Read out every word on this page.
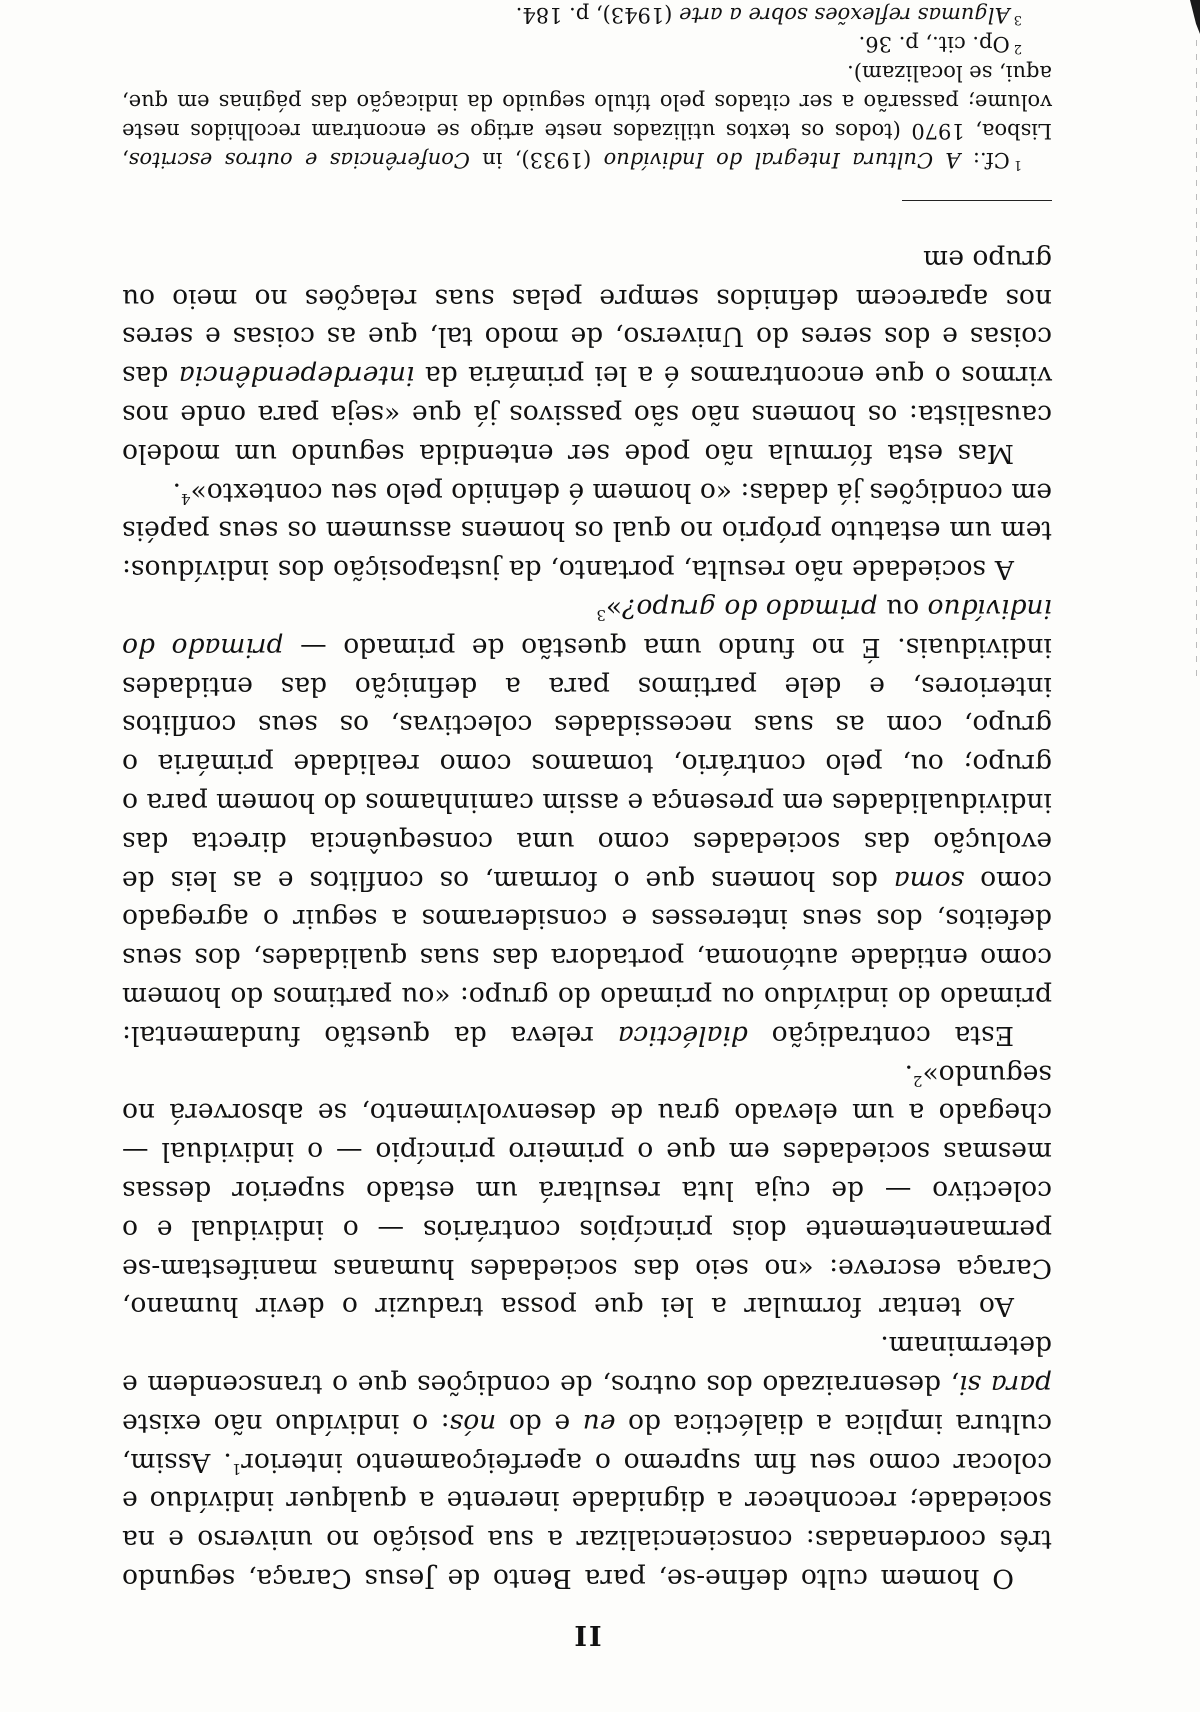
II

O homem culto define-se, para Bento de Jesus Caraça, segundo três coordenadas: consciencializar a sua posição no universo e na sociedade; reconhecer a dignidade inerente a qualquer indivíduo e colocar como seu fim supremo o aperfeiçoamento interior$^1$. Assim, cultura implica a dialéctica do eu e do nós: o indivíduo não existe para si, desenraizado dos outros, de condições que o transcendem e determinam.

Ao tentar formular a lei que possa traduzir o devir humano, Caraça escreve: «no seio das sociedades humanas manifestam-se permanentemente dois princípios contrários — o individual e o colectivo — de cuja luta resultará um estado superior dessas mesmas sociedades em que o primeiro princípio — o individual — chegado a um elevado grau de desenvolvimento, se absorverá no segundo»$^2$.

Esta contradição dialéctica releva da questão fundamental: primado do indivíduo ou primado do grupo: «ou partimos do homem como entidade autónoma, portadora das suas qualidades, dos seus defeitos, dos seus interesses e consideramos a seguir o agregado como soma dos homens que o formam, os conflitos e as leis de evolução das sociedades como uma consequência directa das individualidades em presença e assim caminhamos do homem para o grupo; ou, pelo contrário, tomamos como realidade primária o grupo, com as suas necessidades colectivas, os seus conflitos interiores, e dele partimos para a definição das entidades individuais. É no fundo uma questão de primado — primado do indivíduo ou primado do grupo?»$^3$

A sociedade não resulta, portanto, da justaposição dos indivíduos: tem um estatuto próprio no qual os homens assumem os seus papéis em condições já dadas: «o homem é definido pelo seu contexto»$^4$.

Mas esta fórmula não pode ser entendida segundo um modelo causalista: os homens não são passivos já que «seja para onde nos virmos o que encontramos é a lei primária da interdependência das coisas e dos seres do Universo, de modo tal, que as coisas e seres nos aparecem definidos sempre pelas suas relações no meio ou grupo em

$^1$Cf.: A Cultura Integral do Indivíduo (1933), in Conferências e outros escritos, Lisboa, 1970 (todos os textos utilizados neste artigo se encontram recolhidos neste volume; passarão a ser citados pelo título seguido da indicação das páginas em que, aqui, se localizam).

$^2$Op. cit., p. 36.

$^3$Algumas reflexões sobre a arte (1943), p. 184.
